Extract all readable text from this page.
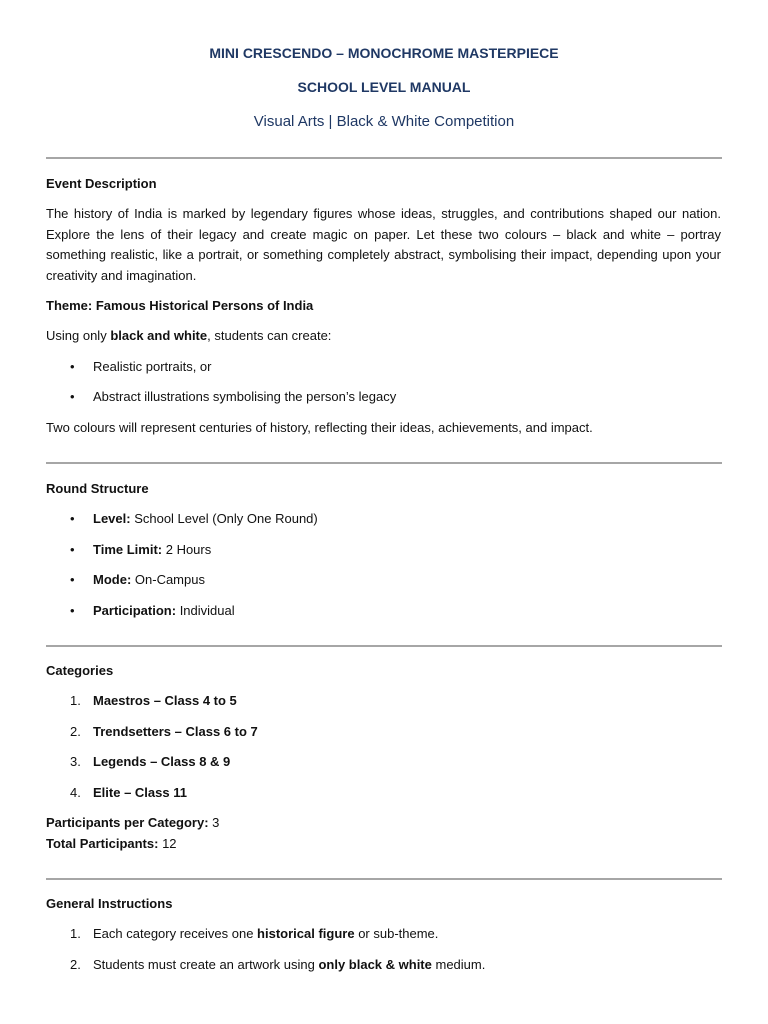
MINI CRESCENDO – MONOCHROME MASTERPIECE
SCHOOL LEVEL MANUAL
Visual Arts | Black & White Competition
Event Description
The history of India is marked by legendary figures whose ideas, struggles, and contributions shaped our nation. Explore the lens of their legacy and create magic on paper. Let these two colours – black and white – portray something realistic, like a portrait, or something completely abstract, symbolising their impact, depending upon your creativity and imagination.
Theme: Famous Historical Persons of India
Using only black and white, students can create:
• Realistic portraits, or
• Abstract illustrations symbolising the person’s legacy
Two colours will represent centuries of history, reflecting their ideas, achievements, and impact.
Round Structure
• Level: School Level (Only One Round)
• Time Limit: 2 Hours
• Mode: On-Campus
• Participation: Individual
Categories
1. Maestros – Class 4 to 5
2. Trendsetters – Class 6 to 7
3. Legends – Class 8 & 9
4. Elite – Class 11
Participants per Category: 3
Total Participants: 12
General Instructions
1. Each category receives one historical figure or sub-theme.
2. Students must create an artwork using only black & white medium.
